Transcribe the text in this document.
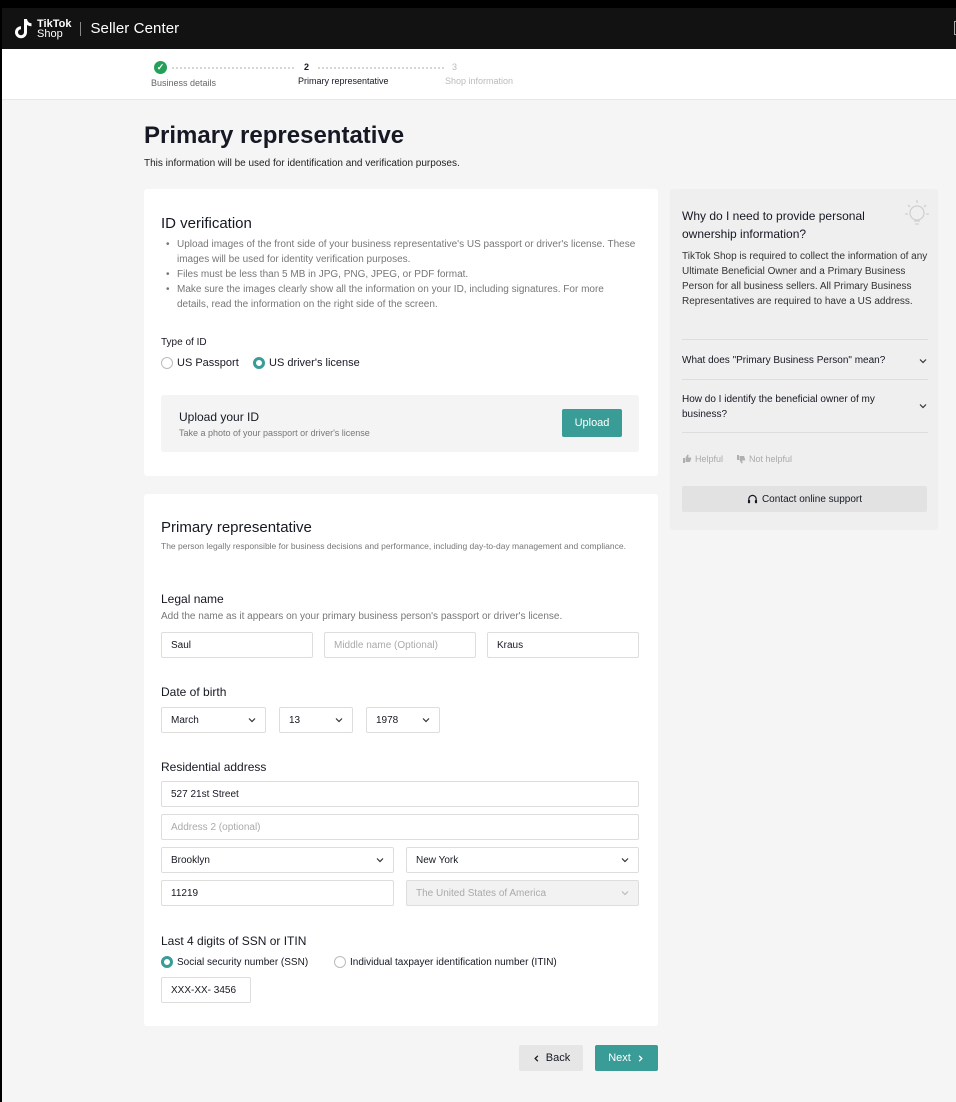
TikTok
Shop	Seller Center
✓
Business details
2
Primary representative
3
Shop information
Primary representative
This information will be used for identification and verification purposes.
ID verification
• Upload images of the front side of your business representative's US passport or driver's license. These images will be used for identity verification purposes.
• Files must be less than 5 MB in JPG, PNG, JPEG, or PDF format.
• Make sure the images clearly show all the information on your ID, including signatures. For more details, read the information on the right side of the screen.
Type of ID
US Passport	US driver's license
Upload your ID
Take a photo of your passport or driver's license
Upload
Primary representative
The person legally responsible for business decisions and performance, including day-to-day management and compliance.
Legal name
Add the name as it appears on your primary business person's passport or driver's license.
Saul	Middle name (Optional)	Kraus
Date of birth
March	13	1978
Residential address
527 21st Street
Address 2 (optional)
Brooklyn	New York
11219	The United States of America
Last 4 digits of SSN or ITIN
Social security number (SSN)	Individual taxpayer identification number (ITIN)
XXX-XX- 3456
Why do I need to provide personal ownership information?
TikTok Shop is required to collect the information of any Ultimate Beneficial Owner and a Primary Business Person for all business sellers. All Primary Business Representatives are required to have a US address.
What does "Primary Business Person" mean?
How do I identify the beneficial owner of my business?
Helpful	Not helpful
Contact online support
Back	Next
